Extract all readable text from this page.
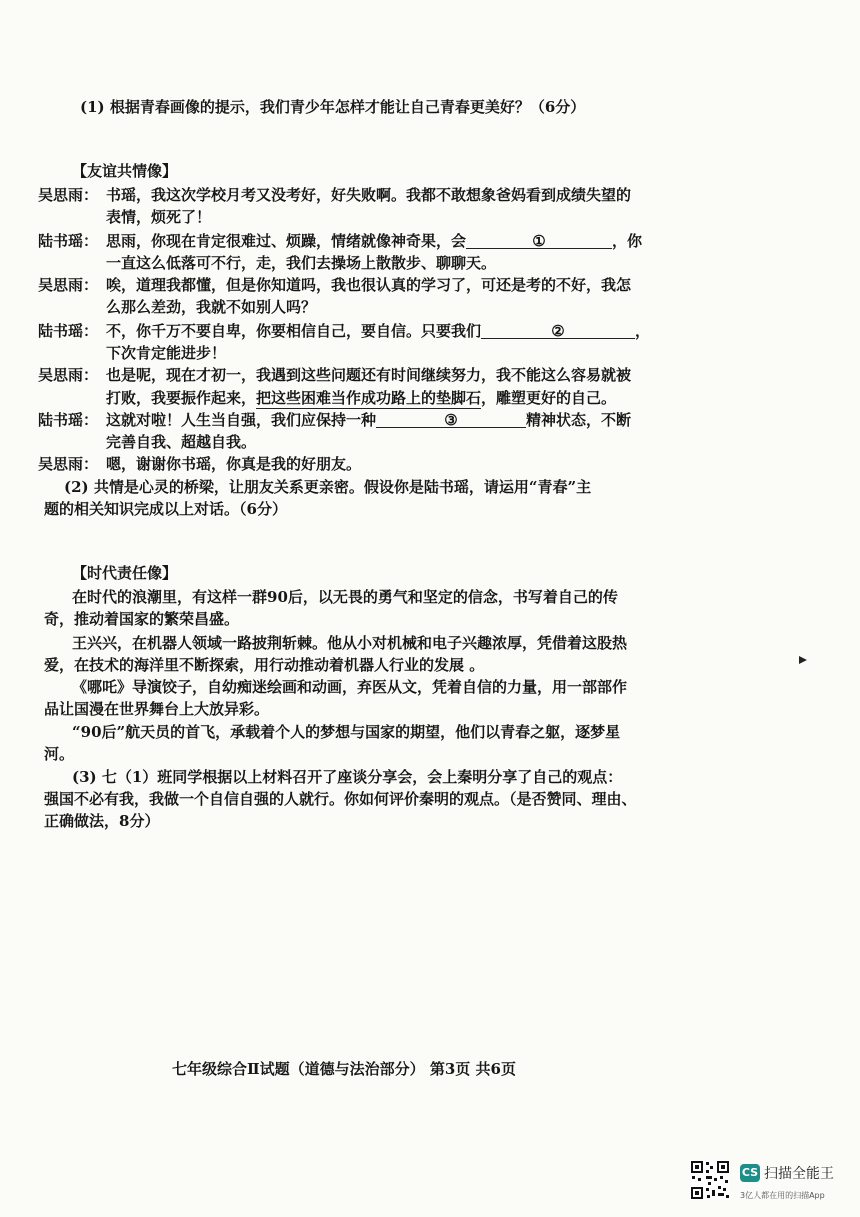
(1) 根据青春画像的提示，我们青少年怎样才能让自己青春更美好？（6分）
【友谊共情像】
吴思雨： 书瑶，我这次学校月考又没考好，好失败啊。我都不敢想象爸妈看到成绩失望的
表情，烦死了！
陆书瑶： 思雨，你现在肯定很难过、烦躁，情绪就像神奇果，会	①	，你
一直这么低落可不行，走，我们去操场上散散步、聊聊天。
吴思雨： 唉，道理我都懂，但是你知道吗，我也很认真的学习了，可还是考的不好，我怎
么那么差劲，我就不如别人吗？
陆书瑶： 不，你千万不要自卑，你要相信自己，要自信。只要我们	②	，
下次肯定能进步！
吴思雨： 也是呢，现在才初一，我遇到这些问题还有时间继续努力，我不能这么容易就被
打败，我要振作起来，把这些困难当作成功路上的垫脚石，雕塑更好的自己。
陆书瑶： 这就对啦！人生当自强，我们应保持一种	③	精神状态，不断
完善自我、超越自我。
吴思雨： 嗯，谢谢你书瑶，你真是我的好朋友。
(2) 共情是心灵的桥梁，让朋友关系更亲密。假设你是陆书瑶，请运用“青春”主
题的相关知识完成以上对话。（6分）
【时代责任像】
在时代的浪潮里，有这样一群90后，以无畏的勇气和坚定的信念，书写着自己的传
奇，推动着国家的繁荣昌盛。
王兴兴，在机器人领域一路披荆斩棘。他从小对机械和电子兴趣浓厚，凭借着这股热
爱，在技术的海洋里不断探索，用行动推动着机器人行业的发展 。
《哪吒》导演饺子，自幼痴迷绘画和动画，弃医从文，凭着自信的力量，用一部部作
品让国漫在世界舞台上大放异彩。
“90后”航天员的首飞，承载着个人的梦想与国家的期望，他们以青春之躯，逐梦星
河。
(3) 七（1）班同学根据以上材料召开了座谈分享会，会上秦明分享了自己的观点：
强国不必有我，我做一个自信自强的人就行。你如何评价秦明的观点。（是否赞同、理由、
正确做法，8分）
七年级综合Ⅱ试题（道德与法治部分） 第3页 共6页
CS 扫描全能王
3亿人都在用的扫描App
